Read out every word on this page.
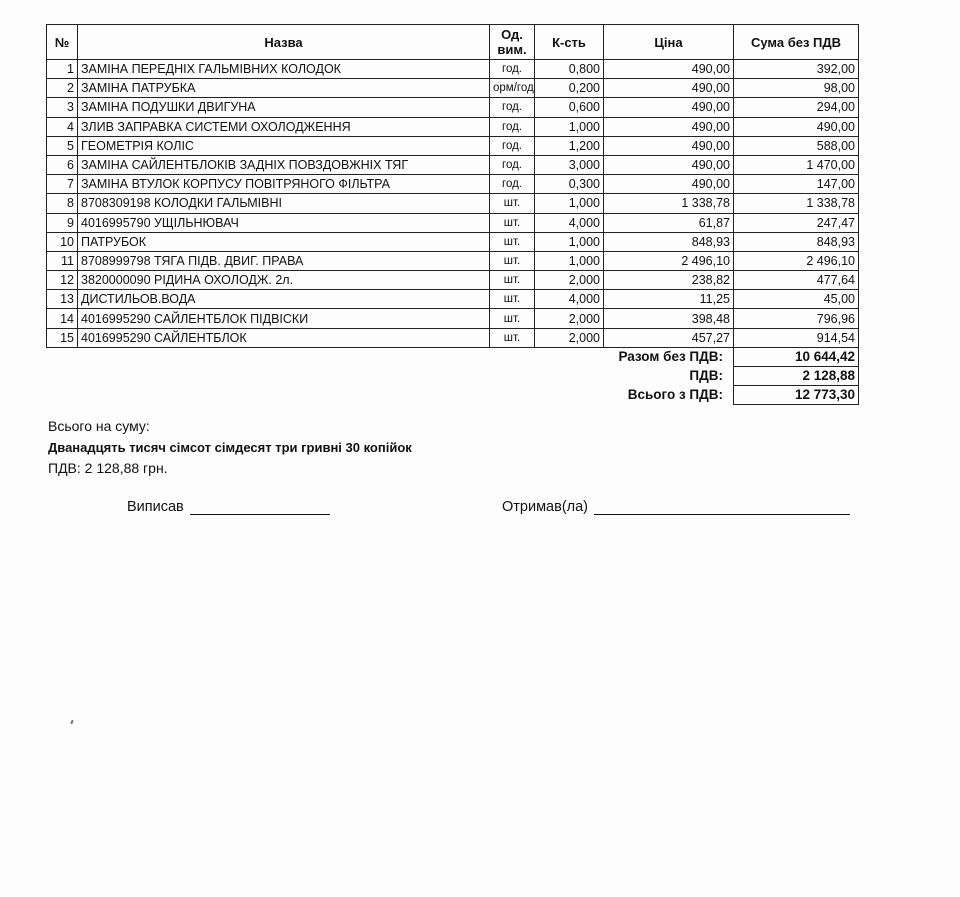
№	Назва	Од. вим.	К-сть	Ціна	Сума без ПДВ
1	ЗАМІНА ПЕРЕДНІХ ГАЛЬМІВНИХ КОЛОДОК	год.	0,800	490,00	392,00
2	ЗАМІНА ПАТРУБКА	орм/год	0,200	490,00	98,00
3	ЗАМІНА ПОДУШКИ ДВИГУНА	год.	0,600	490,00	294,00
4	ЗЛИВ ЗАПРАВКА СИСТЕМИ ОХОЛОДЖЕННЯ	год.	1,000	490,00	490,00
5	ГЕОМЕТРІЯ КОЛІС	год.	1,200	490,00	588,00
6	ЗАМІНА САЙЛЕНТБЛОКІВ ЗАДНІХ ПОВЗДОВЖНІХ ТЯГ	год.	3,000	490,00	1 470,00
7	ЗАМІНА ВТУЛОК КОРПУСУ ПОВІТРЯНОГО ФІЛЬТРА	год.	0,300	490,00	147,00
8	8708309198 КОЛОДКИ ГАЛЬМІВНІ	шт.	1,000	1 338,78	1 338,78
9	4016995790 УЩІЛЬНЮВАЧ	шт.	4,000	61,87	247,47
10	ПАТРУБОК	шт.	1,000	848,93	848,93
11	8708999798 ТЯГА ПІДВ. ДВИГ. ПРАВА	шт.	1,000	2 496,10	2 496,10
12	3820000090 РІДИНА ОХОЛОДЖ. 2л.	шт.	2,000	238,82	477,64
13	ДИСТИЛЬОВ.ВОДА	шт.	4,000	11,25	45,00
14	4016995290 САЙЛЕНТБЛОК ПІДВІСКИ	шт.	2,000	398,48	796,96
15	4016995290 САЙЛЕНТБЛОК	шт.	2,000	457,27	914,54
Разом без ПДВ:					10 644,42
ПДВ:					2 128,88
Всього з ПДВ:					12 773,30
Всього на суму:
Дванадцять тисяч сімсот сімдесят три гривні 30 копійок
ПДВ: 2 128,88 грн.
Виписав	Отримав(ла)
